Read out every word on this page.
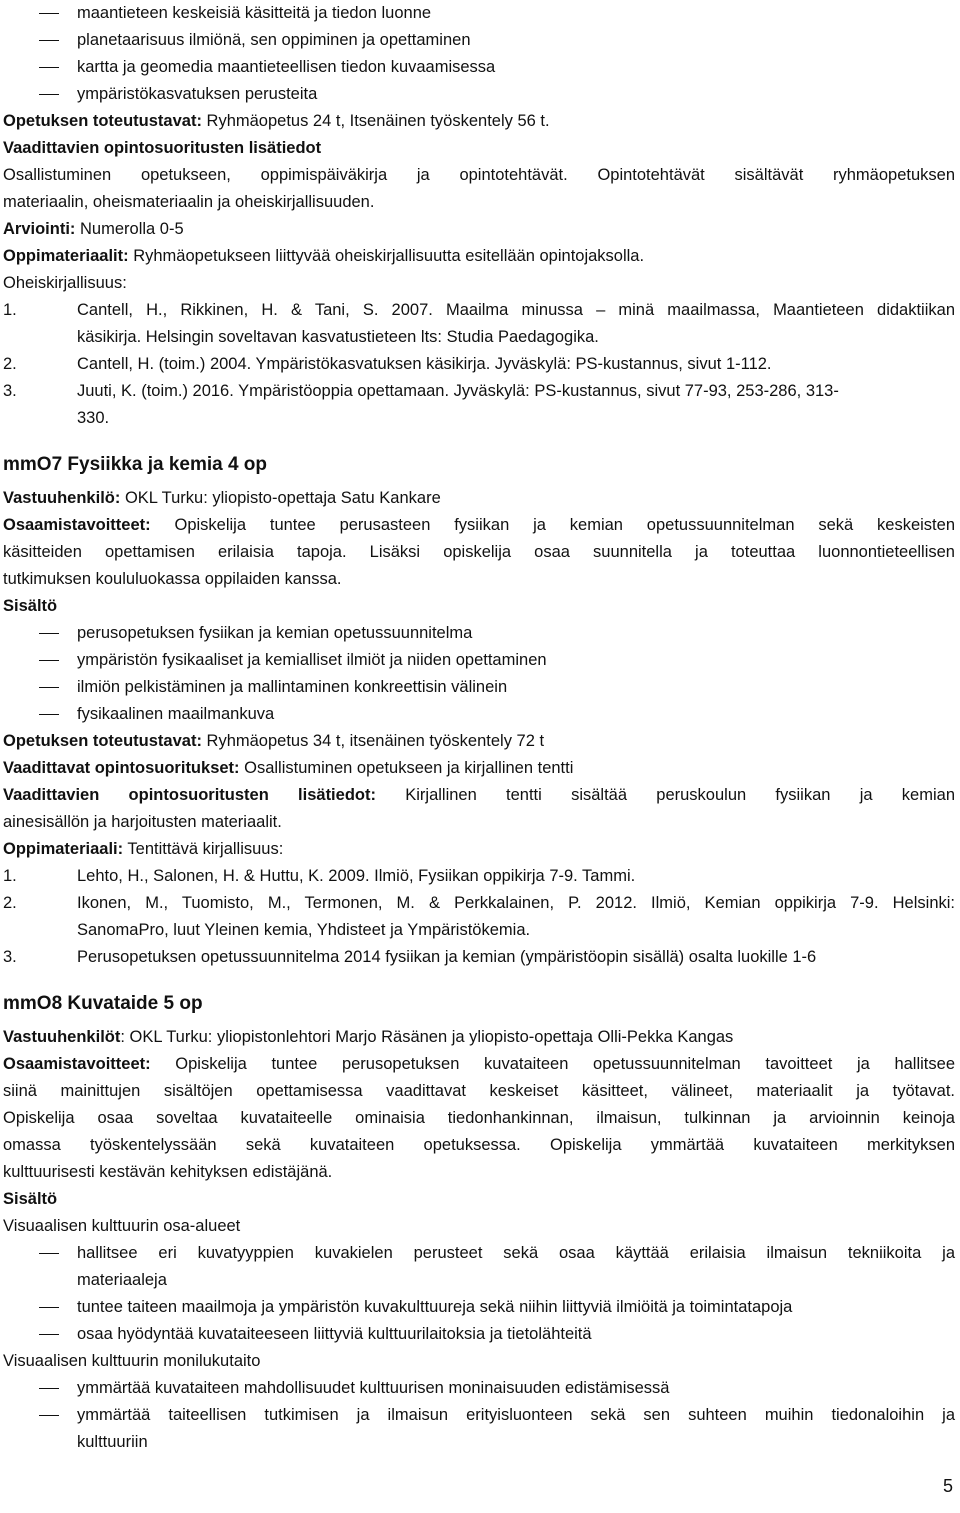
maantieteen keskeisiä käsitteitä ja tiedon luonne
planetaarisuus ilmiönä, sen oppiminen ja opettaminen
kartta ja geomedia maantieteellisen tiedon kuvaamisessa
ympäristökasvatuksen perusteita
Opetuksen toteutustavat: Ryhmäopetus 24 t, Itsenäinen työskentely 56 t.
Vaadittavien opintosuoritusten lisätiedot
Osallistuminen opetukseen, oppimispäiväkirja ja opintotehtävät. Opintotehtävät sisältävät ryhmäopetuksen
materiaalin, oheismateriaalin ja oheiskirjallisuuden.
Arviointi: Numerolla 0-5
Oppimateriaalit: Ryhmäopetukseen liittyvää oheiskirjallisuutta esitellään opintojaksolla.
Oheiskirjallisuus:
1.	Cantell, H., Rikkinen, H. & Tani, S. 2007. Maailma minussa – minä maailmassa, Maantieteen didaktiikan
käsikirja. Helsingin soveltavan kasvatustieteen lts: Studia Paedagogika.
2.	Cantell, H. (toim.) 2004. Ympäristökasvatuksen käsikirja. Jyväskylä: PS-kustannus, sivut 1-112.
3.	Juuti, K. (toim.) 2016. Ympäristöoppia opettamaan. Jyväskylä: PS-kustannus, sivut 77-93, 253-286, 313-
330.
mmO7 Fysiikka ja kemia 4 op
Vastuuhenkilö: OKL Turku: yliopisto-opettaja Satu Kankare
Osaamistavoitteet: Opiskelija tuntee perusasteen fysiikan ja kemian opetussuunnitelman sekä keskeisten
käsitteiden opettamisen erilaisia tapoja. Lisäksi opiskelija osaa suunnitella ja toteuttaa luonnontieteellisen
tutkimuksen koululuokassa oppilaiden kanssa.
Sisältö
perusopetuksen fysiikan ja kemian opetussuunnitelma
ympäristön fysikaaliset ja kemialliset ilmiöt ja niiden opettaminen
ilmiön pelkistäminen ja mallintaminen konkreettisin välinein
fysikaalinen maailmankuva
Opetuksen toteutustavat: Ryhmäopetus 34 t, itsenäinen työskentely 72 t
Vaadittavat opintosuoritukset: Osallistuminen opetukseen ja kirjallinen tentti
Vaadittavien opintosuoritusten lisätiedot: Kirjallinen tentti sisältää peruskoulun fysiikan ja kemian
ainesisällön ja harjoitusten materiaalit.
Oppimateriaali: Tentittävä kirjallisuus:
1.	Lehto, H., Salonen, H. & Huttu, K. 2009. Ilmiö, Fysiikan oppikirja 7-9. Tammi.
2.	Ikonen, M., Tuomisto, M., Termonen, M. & Perkkalainen, P. 2012. Ilmiö, Kemian oppikirja 7-9. Helsinki:
SanomaPro, luut Yleinen kemia, Yhdisteet ja Ympäristökemia.
3.	Perusopetuksen opetussuunnitelma 2014 fysiikan ja kemian (ympäristöopin sisällä) osalta luokille 1-6
mmO8 Kuvataide 5 op
Vastuuhenkilöt: OKL Turku: yliopistonlehtori Marjo Räsänen ja yliopisto-opettaja Olli-Pekka Kangas
Osaamistavoitteet: Opiskelija tuntee perusopetuksen kuvataiteen opetussuunnitelman tavoitteet ja hallitsee
siinä mainittujen sisältöjen opettamisessa vaadittavat keskeiset käsitteet, välineet, materiaalit ja työtavat.
Opiskelija osaa soveltaa kuvataiteelle ominaisia tiedonhankinnan, ilmaisun, tulkinnan ja arvioinnin keinoja
omassa työskentelyssään sekä kuvataiteen opetuksessa. Opiskelija ymmärtää kuvataiteen merkityksen
kulttuurisesti kestävän kehityksen edistäjänä.
Sisältö
Visuaalisen kulttuurin osa-alueet
hallitsee eri kuvatyyppien kuvakielen perusteet sekä osaa käyttää erilaisia ilmaisun tekniikoita ja
materiaaleja
tuntee taiteen maailmoja ja ympäristön kuvakulttuureja sekä niihin liittyviä ilmiöitä ja toimintatapoja
osaa hyödyntää kuvataiteeseen liittyviä kulttuurilaitoksia ja tietolähteitä
Visuaalisen kulttuurin monilukutaito
ymmärtää kuvataiteen mahdollisuudet kulttuurisen moninaisuuden edistämisessä
ymmärtää taiteellisen tutkimisen ja ilmaisun erityisluonteen sekä sen suhteen muihin tiedonaloihin ja
kulttuuriin
5
